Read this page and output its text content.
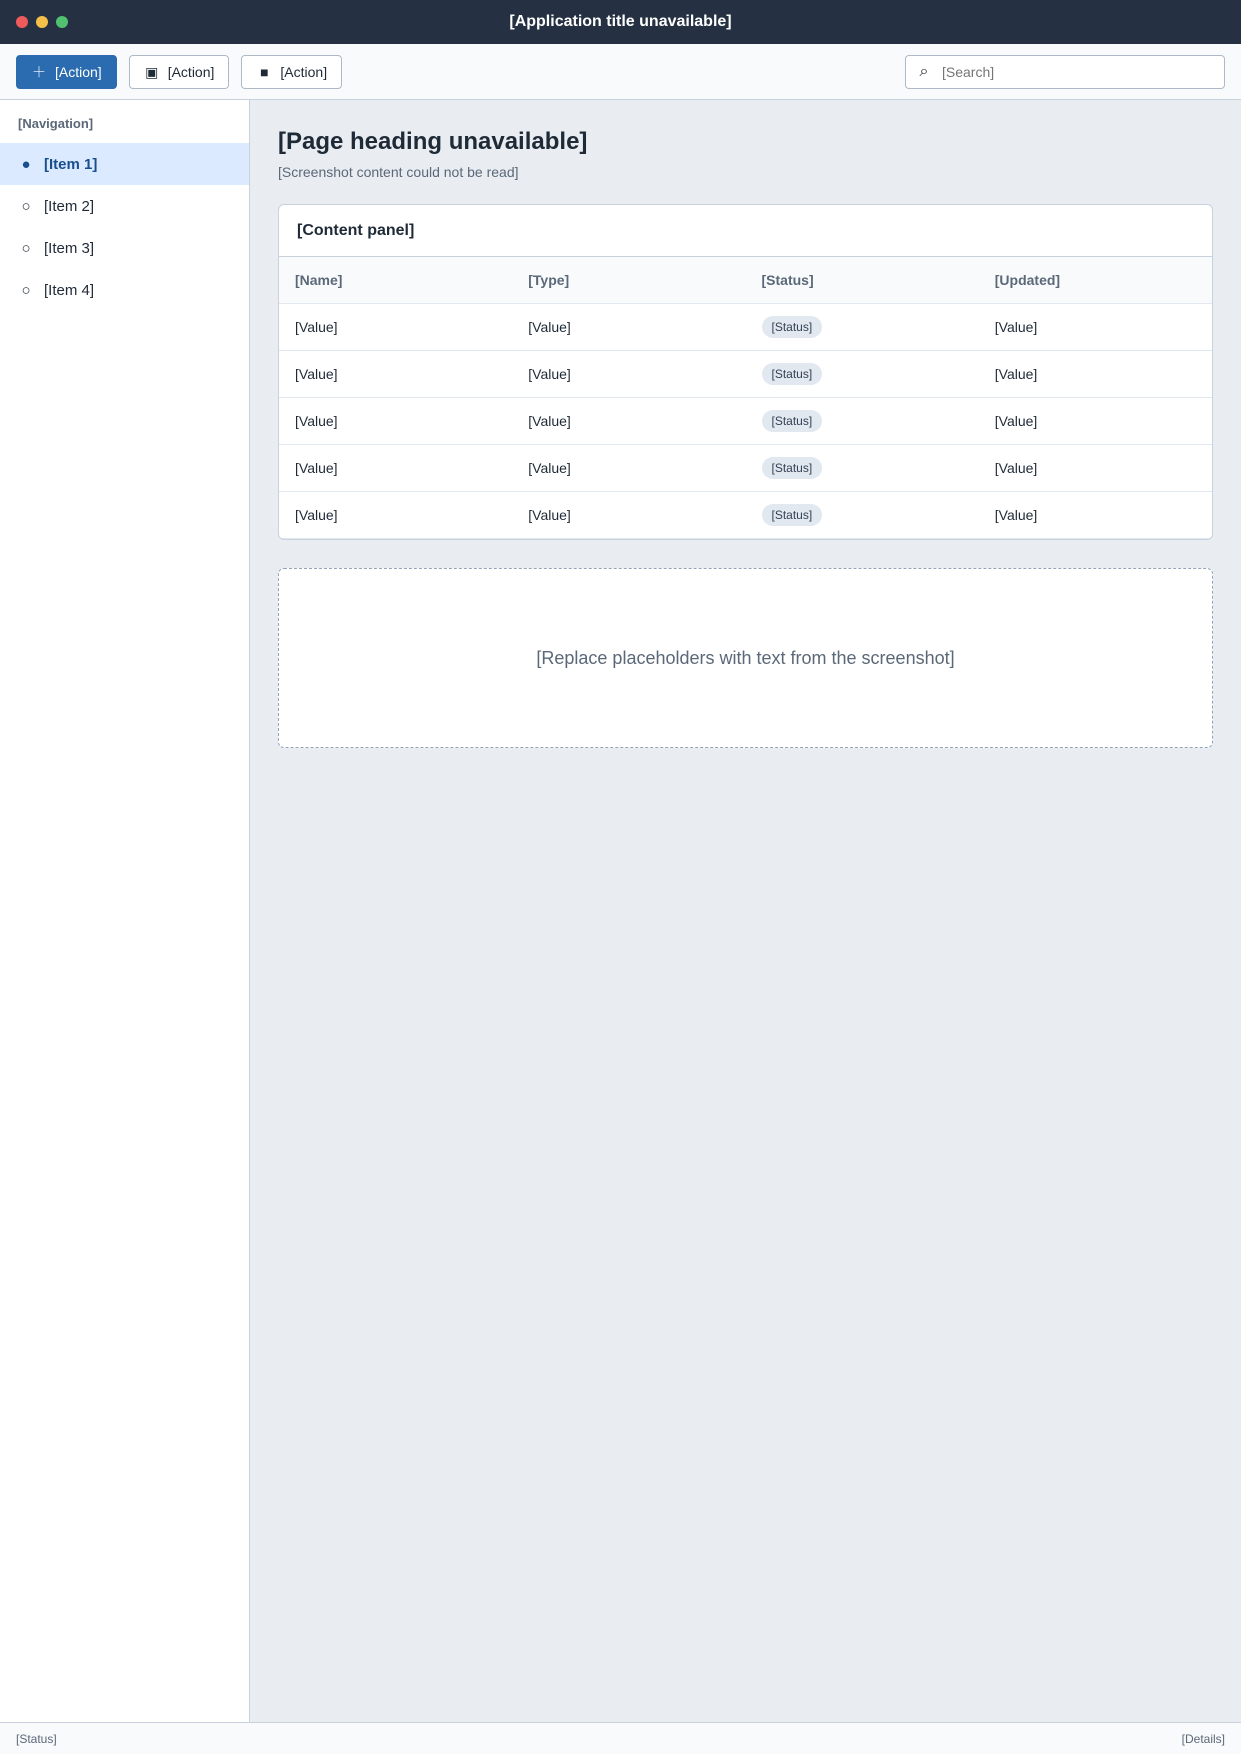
[Application title unavailable]
＋ [Action]	▣ [Action]	■ [Action]	⌕
[Search]
[Navigation]
● [Item 1]
○ [Item 2]
○ [Item 3]
○ [Item 4]
[Page heading unavailable]

[Screenshot content could not be read]

[Content panel]
[Name]	[Type]	[Status]	[Updated]
[Value]	[Value]	[Status]	[Value]
[Value]	[Value]	[Status]	[Value]
[Value]	[Value]	[Status]	[Value]
[Value]	[Value]	[Status]	[Value]
[Value]	[Value]	[Status]	[Value]
[Replace placeholders with text from the screenshot]
[Status]	[Details]
